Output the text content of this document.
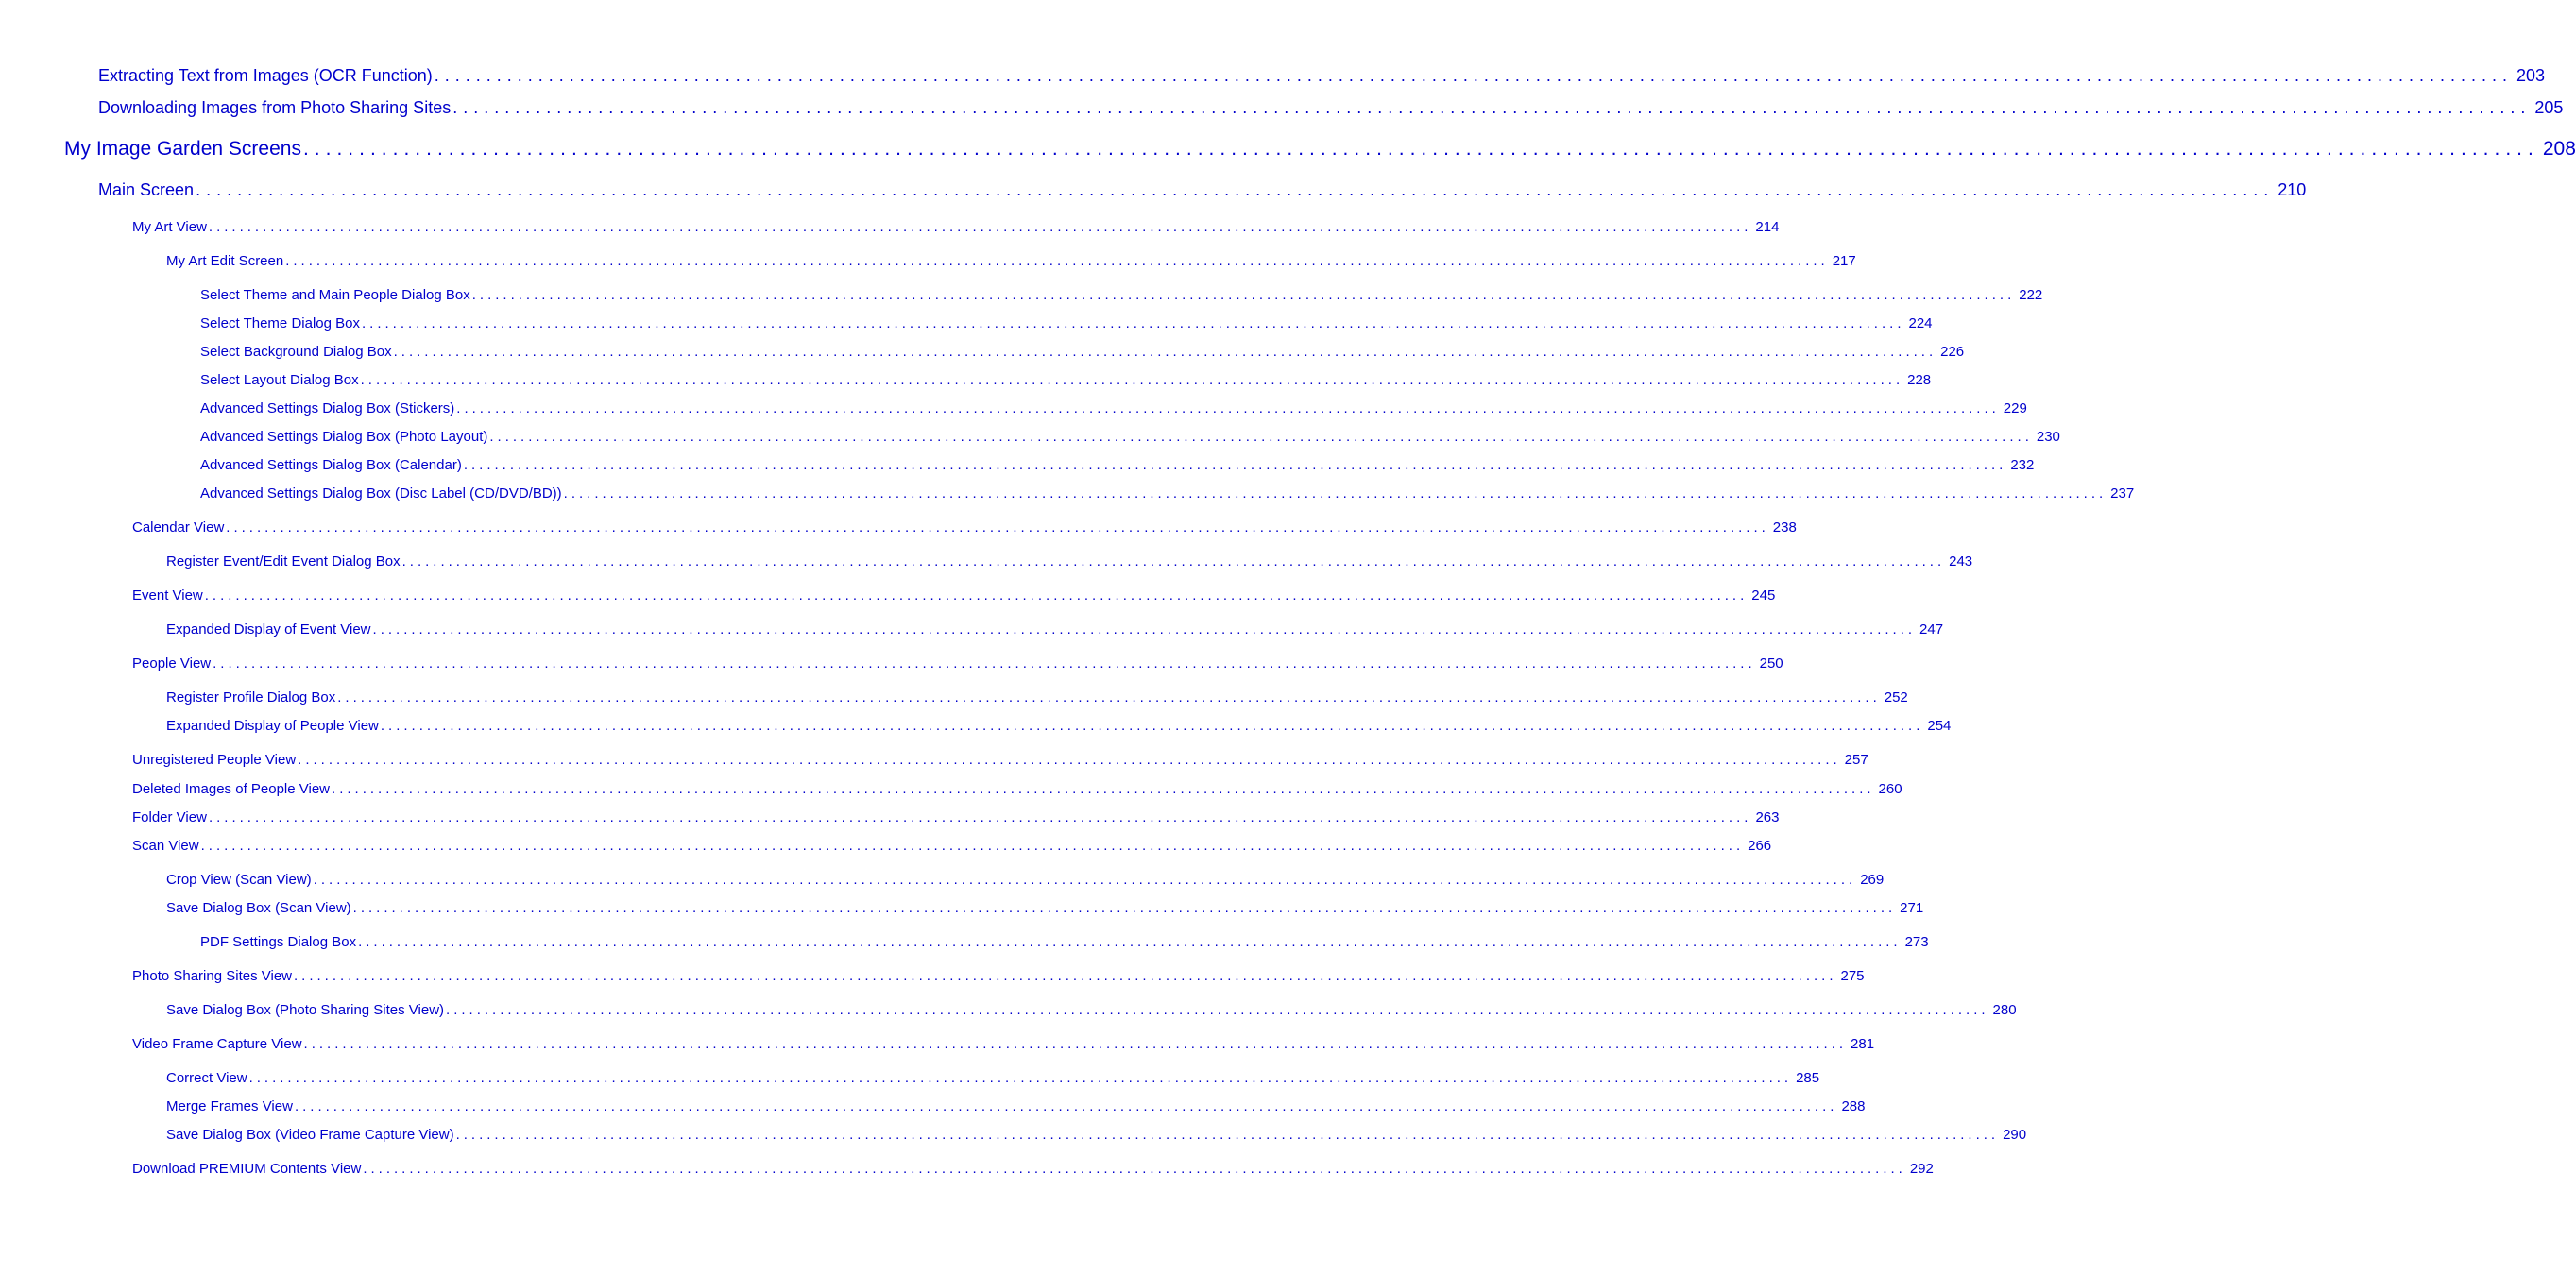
Extracting Text from Images (OCR Function) ........................................................................................................................................................................................................ 203
Downloading Images from Photo Sharing Sites ........................................................................................................................................................................................................ 205
My Image Garden Screens ........................................................................................................................................................................................................ 208
Main Screen ........................................................................................................................................................................................................ 210
My Art View ........................................................................................................................................................................................................ 214
My Art Edit Screen ........................................................................................................................................................................................................ 217
Select Theme and Main People Dialog Box ........................................................................................................................................................................................................ 222
Select Theme Dialog Box ........................................................................................................................................................................................................ 224
Select Background Dialog Box ........................................................................................................................................................................................................ 226
Select Layout Dialog Box ........................................................................................................................................................................................................ 228
Advanced Settings Dialog Box (Stickers) ........................................................................................................................................................................................................ 229
Advanced Settings Dialog Box (Photo Layout) ........................................................................................................................................................................................................ 230
Advanced Settings Dialog Box (Calendar) ........................................................................................................................................................................................................ 232
Advanced Settings Dialog Box (Disc Label (CD/DVD/BD)) ........................................................................................................................................................................................................ 237
Calendar View ........................................................................................................................................................................................................ 238
Register Event/Edit Event Dialog Box ........................................................................................................................................................................................................ 243
Event View ........................................................................................................................................................................................................ 245
Expanded Display of Event View ........................................................................................................................................................................................................ 247
People View ........................................................................................................................................................................................................ 250
Register Profile Dialog Box ........................................................................................................................................................................................................ 252
Expanded Display of People View ........................................................................................................................................................................................................ 254
Unregistered People View ........................................................................................................................................................................................................ 257
Deleted Images of People View ........................................................................................................................................................................................................ 260
Folder View ........................................................................................................................................................................................................ 263
Scan View ........................................................................................................................................................................................................ 266
Crop View (Scan View) ........................................................................................................................................................................................................ 269
Save Dialog Box (Scan View) ........................................................................................................................................................................................................ 271
PDF Settings Dialog Box ........................................................................................................................................................................................................ 273
Photo Sharing Sites View ........................................................................................................................................................................................................ 275
Save Dialog Box (Photo Sharing Sites View) ........................................................................................................................................................................................................ 280
Video Frame Capture View ........................................................................................................................................................................................................ 281
Correct View ........................................................................................................................................................................................................ 285
Merge Frames View ........................................................................................................................................................................................................ 288
Save Dialog Box (Video Frame Capture View) ........................................................................................................................................................................................................ 290
Download PREMIUM Contents View ........................................................................................................................................................................................................ 292
